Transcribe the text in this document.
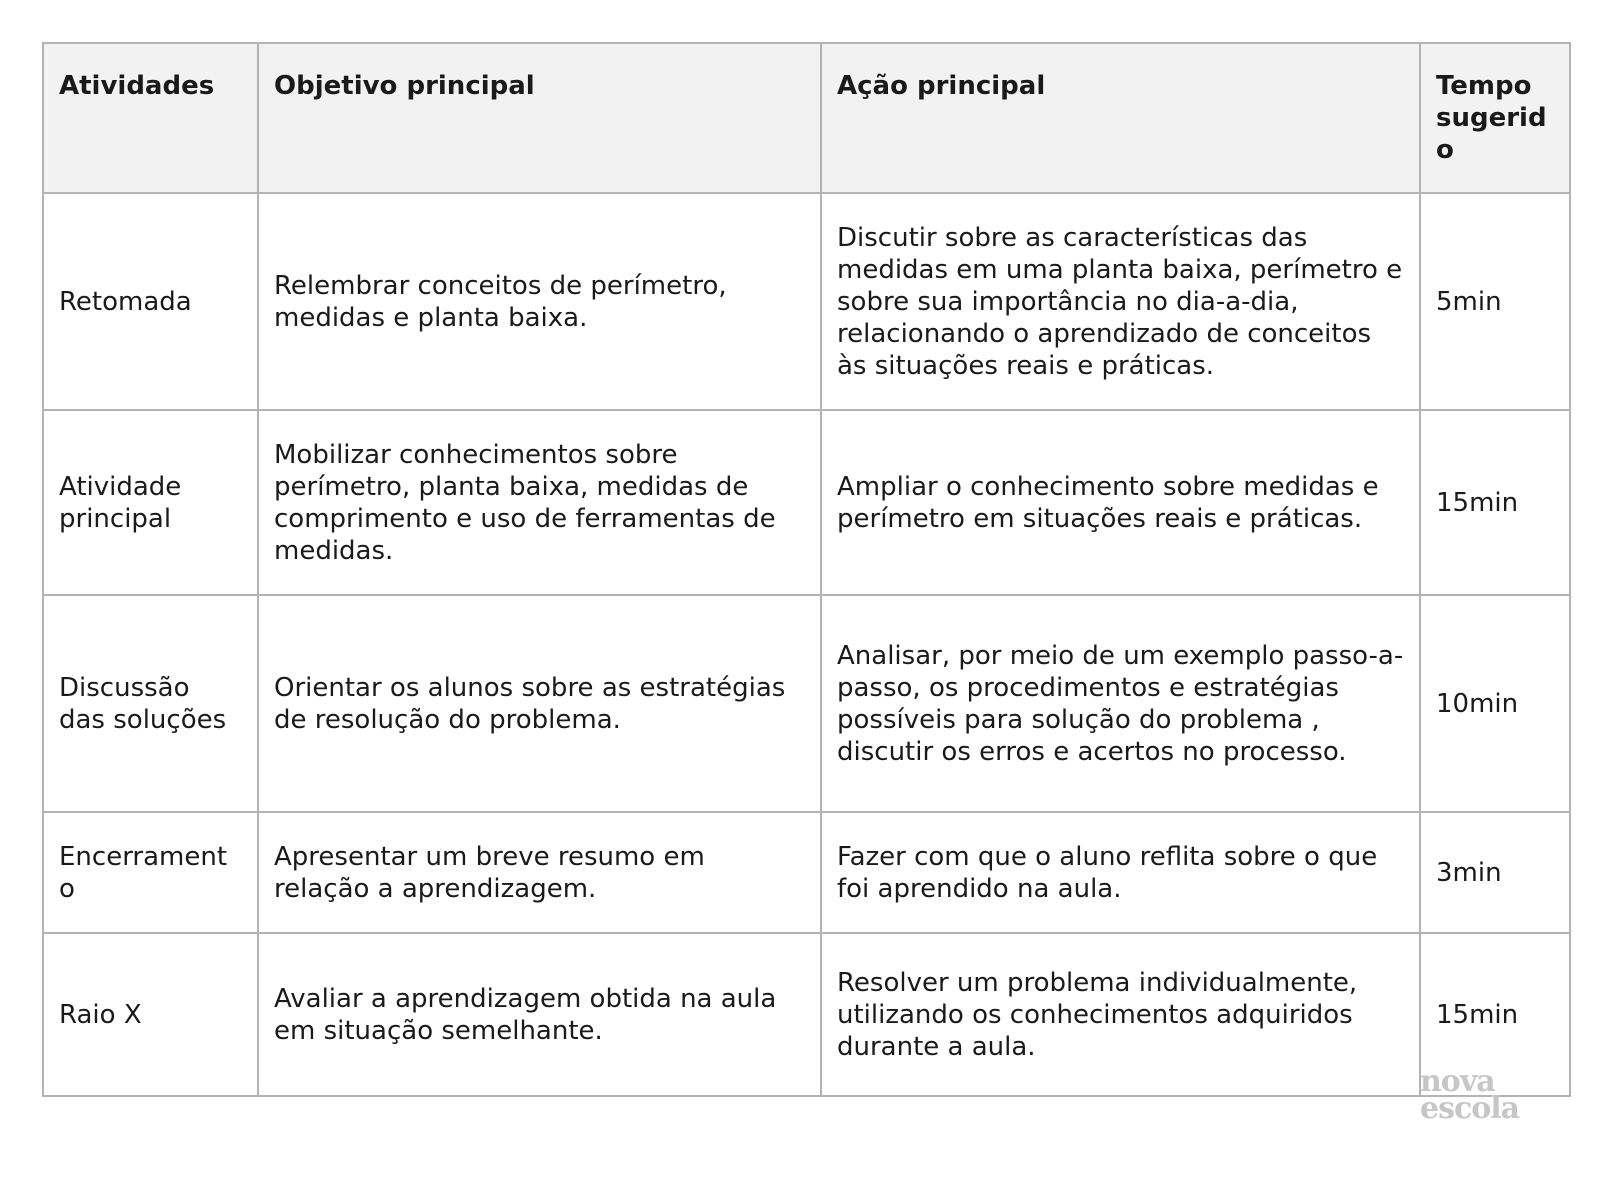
Atividades	Objetivo principal	Ação principal	Tempo sugerido
Retomada	Relembrar conceitos de perímetro, medidas e planta baixa.	Discutir sobre as características das medidas em uma planta baixa, perímetro e sobre sua importância no dia-a-dia, relacionando o aprendizado de conceitos às situações reais e práticas.	5min
Atividade principal	Mobilizar conhecimentos sobre perímetro, planta baixa, medidas de comprimento e uso de ferramentas de medidas.	Ampliar o conhecimento sobre medidas e perímetro em situações reais e práticas.	15min
Discussão das soluções	Orientar os alunos sobre as estratégias de resolução do problema.	Analisar, por meio de um exemplo passo-a-passo, os procedimentos e estratégias possíveis para solução do problema , discutir os erros e acertos no processo.	10min
Encerramento	Apresentar um breve resumo em relação a aprendizagem.	Fazer com que o aluno reflita sobre o que foi aprendido na aula.	3min
Raio X	Avaliar a aprendizagem obtida na aula em situação semelhante.	Resolver um problema individualmente, utilizando os conhecimentos adquiridos durante a aula.	15min
nova
escola
